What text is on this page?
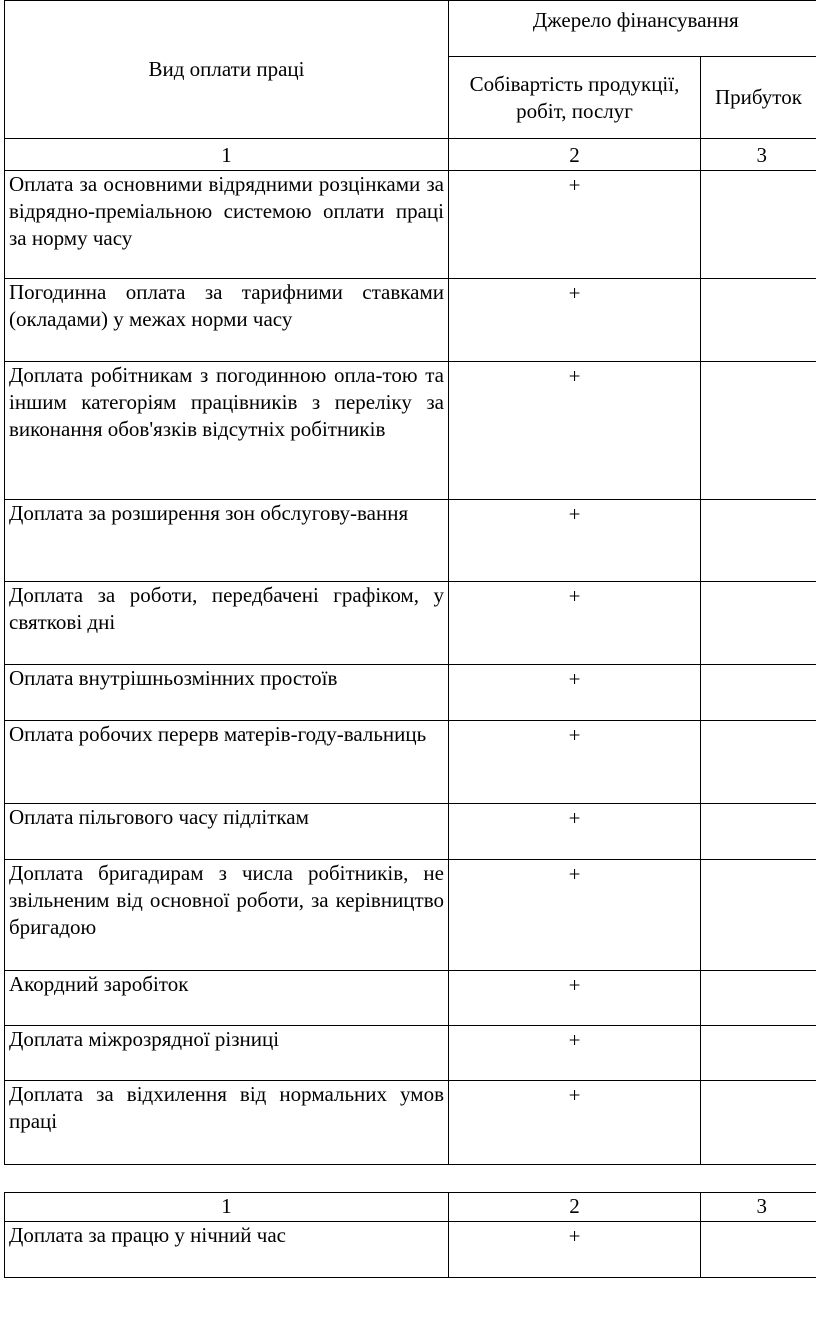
Вид оплати праці	Джерело фінансування	
	Собівартість продукції, робіт, послуг	Прибуток
1	2	3
Оплата за основними відрядними розцінками за відрядно-преміальною системою оплати праці за норму часу	+	
Погодинна оплата за тарифними ставками (окладами) у межах норми часу	+	
Доплата робітникам з погодинною опла-тою та іншим категоріям працівників з переліку за виконання обов'язків відсутніх робітників	+	
Доплата за розширення зон обслугову-вання	+	
Доплата за роботи, передбачені графіком, у святкові дні	+	
Оплата внутрішньозмінних простоїв	+	
Оплата робочих перерв матерів-году-вальниць	+	
Оплата пільгового часу підліткам	+	
Доплата бригадирам з числа робітників, не звільненим від основної роботи, за керівництво бригадою	+	
Акордний заробіток	+	
Доплата міжрозрядної різниці	+	
Доплата за відхилення від нормальних умов праці	+	
1	2	3
Доплата за працю у нічний час	+	
